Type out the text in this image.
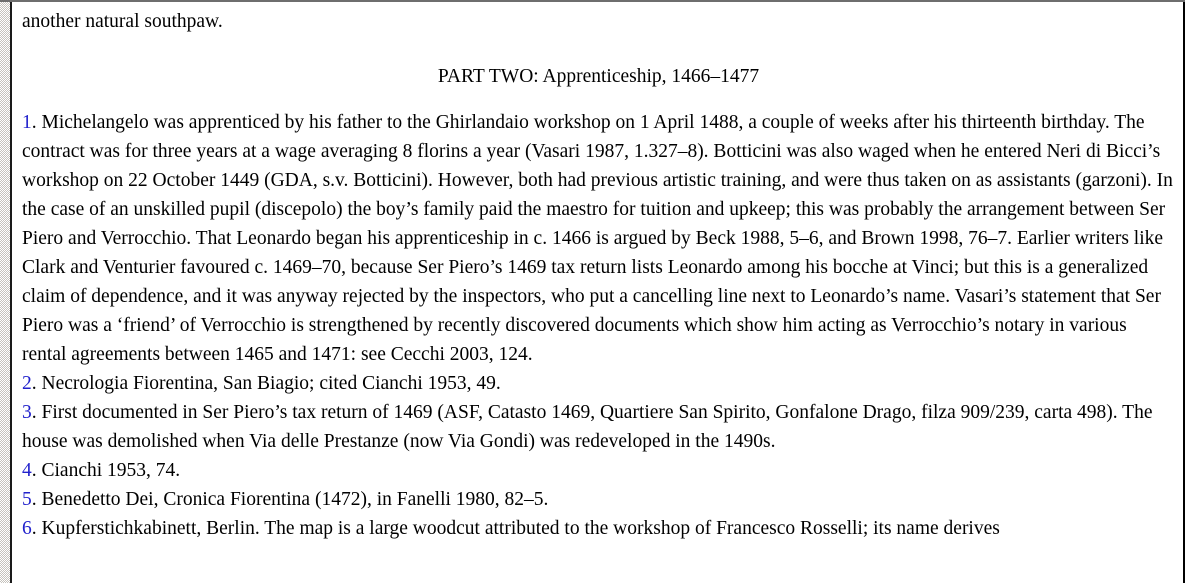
another natural southpaw.

PART TWO: Apprenticeship, 1466–1477

1. Michelangelo was apprenticed by his father to the Ghirlandaio workshop on 1 April 1488, a couple of weeks after his thirteenth birthday. The contract was for three years at a wage averaging 8 florins a year (Vasari 1987, 1.327–8). Botticini was also waged when he entered Neri di Bicci’s workshop on 22 October 1449 (GDA, s.v. Botticini). However, both had previous artistic training, and were thus taken on as assistants (garzoni). In the case of an unskilled pupil (discepolo) the boy’s family paid the maestro for tuition and upkeep; this was probably the arrangement between Ser Piero and Verrocchio. That Leonardo began his apprenticeship in c. 1466 is argued by Beck 1988, 5–6, and Brown 1998, 76–7. Earlier writers like Clark and Venturier favoured c. 1469–70, because Ser Piero’s 1469 tax return lists Leonardo among his bocche at Vinci; but this is a generalized claim of dependence, and it was anyway rejected by the inspectors, who put a cancelling line next to Leonardo’s name. Vasari’s statement that Ser Piero was a ‘friend’ of Verrocchio is strengthened by recently discovered documents which show him acting as Verrocchio’s notary in various rental agreements between 1465 and 1471: see Cecchi 2003, 124.

2. Necrologia Fiorentina, San Biagio; cited Cianchi 1953, 49.

3. First documented in Ser Piero’s tax return of 1469 (ASF, Catasto 1469, Quartiere San Spirito, Gonfalone Drago, filza 909/239, carta 498). The house was demolished when Via delle Prestanze (now Via Gondi) was redeveloped in the 1490s.

4. Cianchi 1953, 74.

5. Benedetto Dei, Cronica Fiorentina (1472), in Fanelli 1980, 82–5.

6. Kupferstichkabinett, Berlin. The map is a large woodcut attributed to the workshop of Francesco Rosselli; its name derives
